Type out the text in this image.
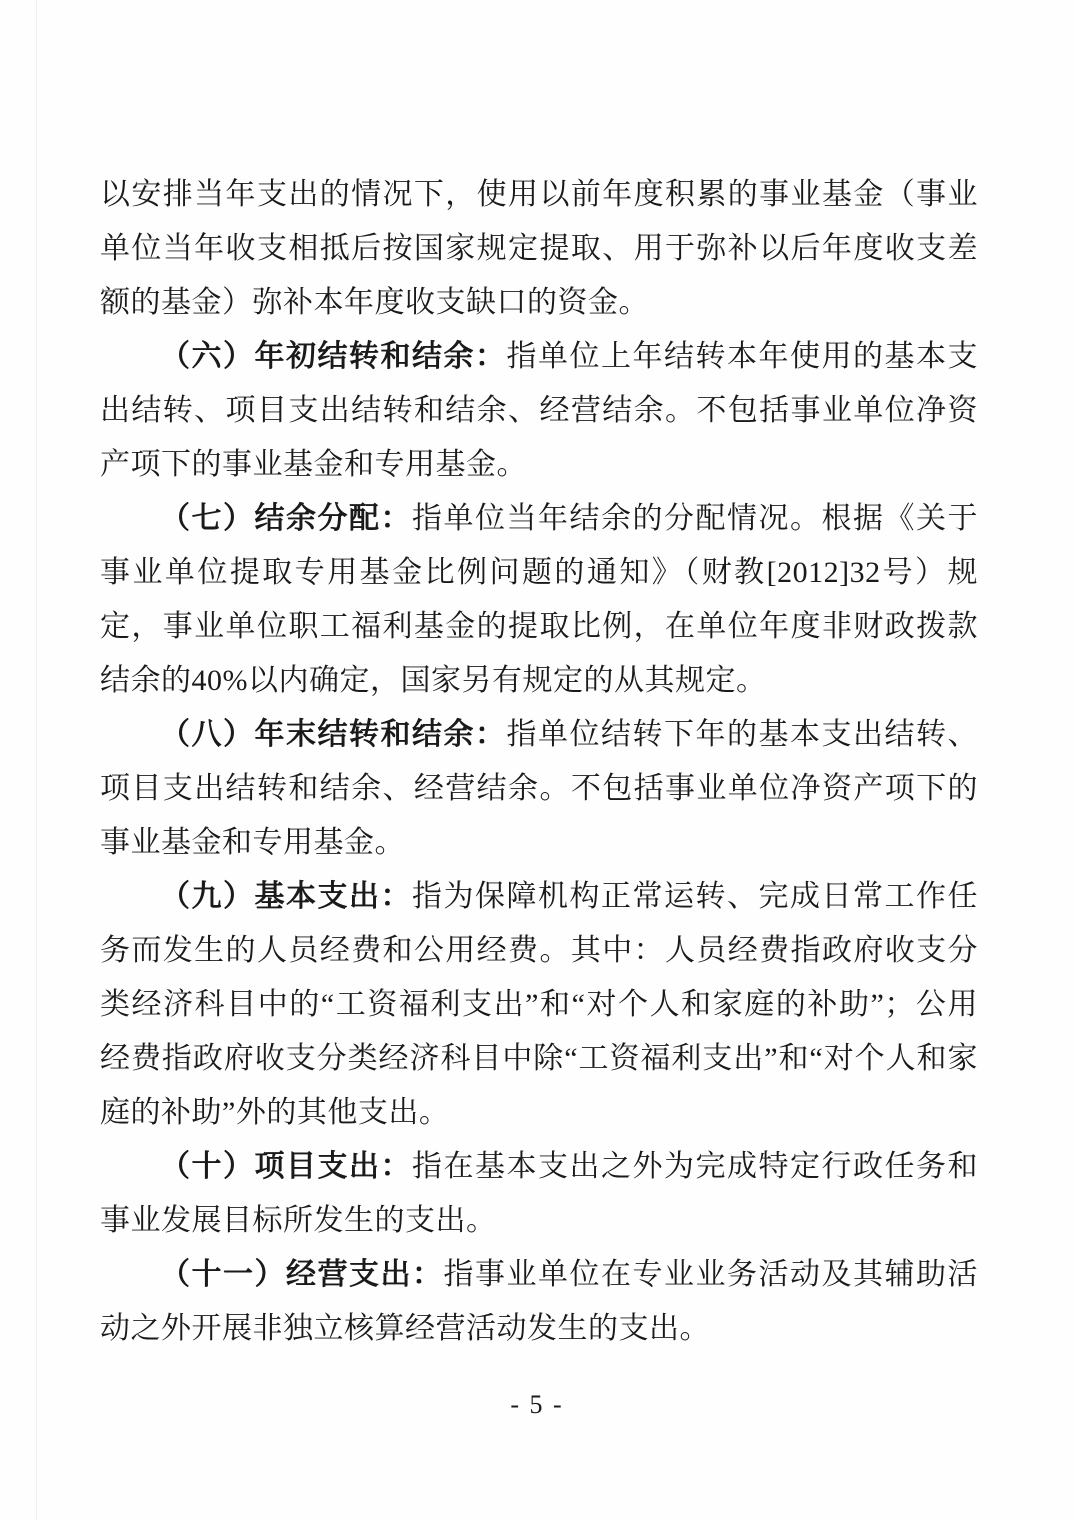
以安排当年支出的情况下，使用以前年度积累的事业基金（事业单位当年收支相抵后按国家规定提取、用于弥补以后年度收支差额的基金）弥补本年度收支缺口的资金。

（六）年初结转和结余：指单位上年结转本年使用的基本支出结转、项目支出结转和结余、经营结余。不包括事业单位净资产项下的事业基金和专用基金。

（七）结余分配：指单位当年结余的分配情况。根据《关于事业单位提取专用基金比例问题的通知》（财教[2012]32号）规定，事业单位职工福利基金的提取比例，在单位年度非财政拨款结余的40%以内确定，国家另有规定的从其规定。

（八）年末结转和结余：指单位结转下年的基本支出结转、项目支出结转和结余、经营结余。不包括事业单位净资产项下的事业基金和专用基金。

（九）基本支出：指为保障机构正常运转、完成日常工作任务而发生的人员经费和公用经费。其中：人员经费指政府收支分类经济科目中的“工资福利支出”和“对个人和家庭的补助”；公用经费指政府收支分类经济科目中除“工资福利支出”和“对个人和家庭的补助”外的其他支出。

（十）项目支出：指在基本支出之外为完成特定行政任务和事业发展目标所发生的支出。

（十一）经营支出：指事业单位在专业业务活动及其辅助活动之外开展非独立核算经营活动发生的支出。

- 5 -
